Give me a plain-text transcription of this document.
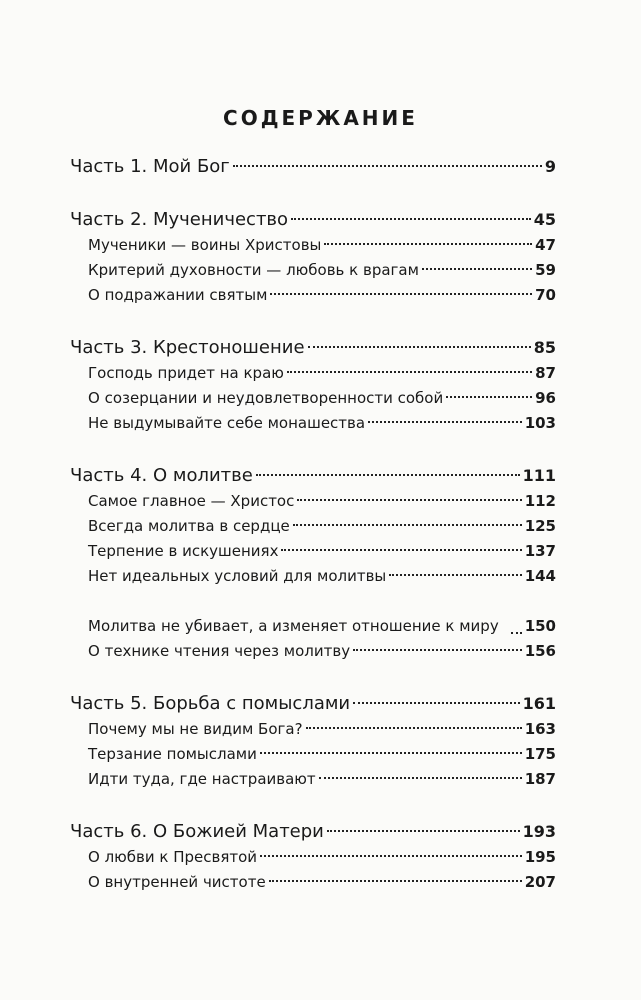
СОДЕРЖАНИЕ
Часть 1. Мой Бог	9
Часть 2. Мученичество	45
Мученики — воины Христовы	47
Критерий духовности — любовь к врагам	59
О подражании святым	70
Часть 3. Крестоношение	85
Господь придет на краю	87
О созерцании и неудовлетворенности собой	96
Не выдумывайте себе монашества	103
Часть 4. О молитве	111
Самое главное — Христос	112
Всегда молитва в сердце	125
Терпение в искушениях	137
Нет идеальных условий для молитвы	144
Молитва не убивает, а изменяет отношение к миру	150
О технике чтения через молитву	156
Часть 5. Борьба с помыслами	161
Почему мы не видим Бога?	163
Терзание помыслами	175
Идти туда, где настраивают	187
Часть 6. О Божией Матери	193
О любви к Пресвятой	195
О внутренней чистоте	207
